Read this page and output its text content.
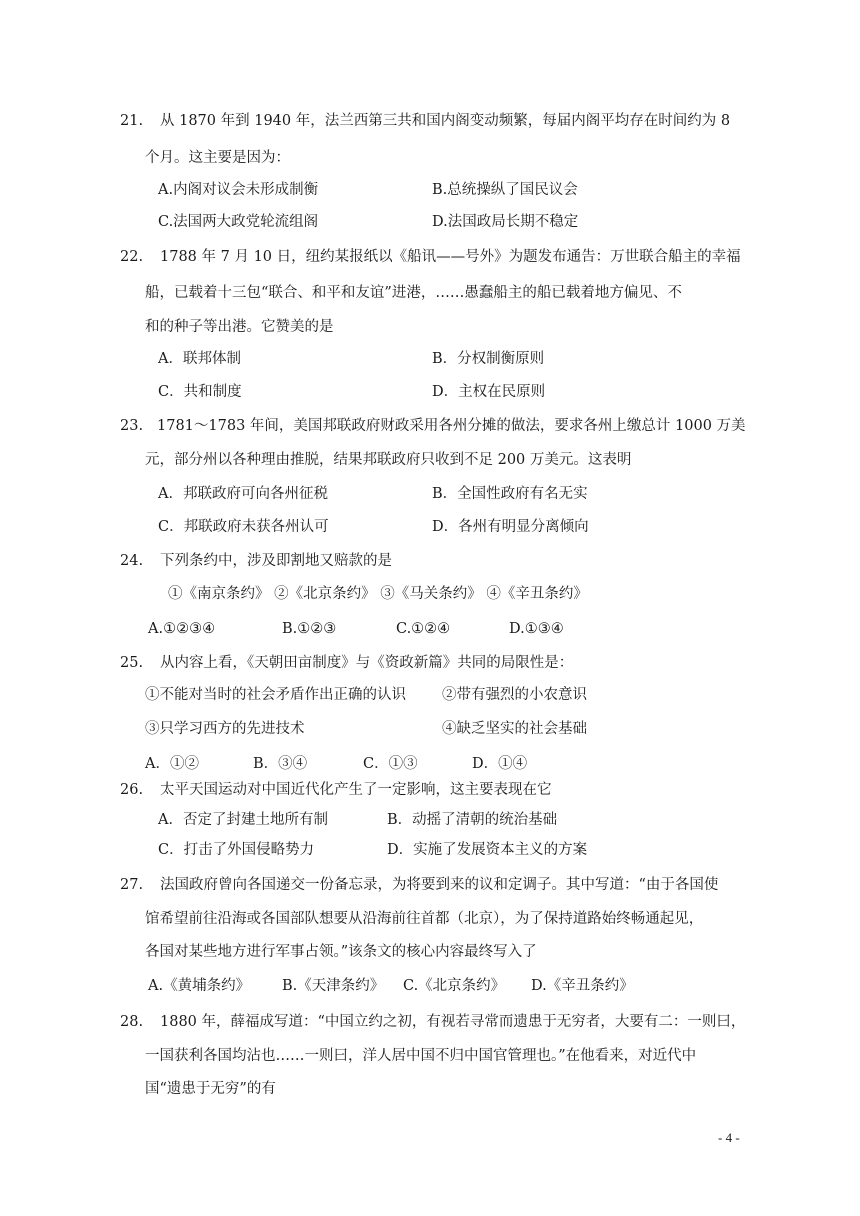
21. 从 1870 年到 1940 年，法兰西第三共和国内阁变动频繁，每届内阁平均存在时间约为 8
个月。这主要是因为：
A.内阁对议会未形成制衡	B.总统操纵了国民议会
C.法国两大政党轮流组阁	D.法国政局长期不稳定
22. 1788 年 7 月 10 日，纽约某报纸以《船讯——号外》为题发布通告：万世联合船主的幸福
船，已载着十三包“联合、和平和友谊”进港，……愚蠢船主的船已载着地方偏见、不
和的种子等出港。它赞美的是
A．联邦体制	B．分权制衡原则
C．共和制度	D．主权在民原则
23. 1781～1783 年间，美国邦联政府财政采用各州分摊的做法，要求各州上缴总计 1000 万美
元，部分州以各种理由推脱，结果邦联政府只收到不足 200 万美元。这表明
A．邦联政府可向各州征税	B．全国性政府有名无实
C．邦联政府未获各州认可	D．各州有明显分离倾向
24. 下列条约中，涉及即割地又赔款的是
①《南京条约》 ②《北京条约》 ③《马关条约》 ④《辛丑条约》
A.①②③④	B.①②③	C.①②④	D.①③④
25. 从内容上看，《天朝田亩制度》与《资政新篇》共同的局限性是：
①不能对当时的社会矛盾作出正确的认识 ②带有强烈的小农意识
③只学习西方的先进技术	④缺乏坚实的社会基础
A．①②	B．③④	C．①③	D．①④
26. 太平天国运动对中国近代化产生了一定影响，这主要表现在它
A．否定了封建土地所有制	B．动摇了清朝的统治基础
C．打击了外国侵略势力	D．实施了发展资本主义的方案
27. 法国政府曾向各国递交一份备忘录，为将要到来的议和定调子。其中写道：“由于各国使
馆希望前往沿海或各国部队想要从沿海前往首都（北京），为了保持道路始终畅通起见，
各国对某些地方进行军事占领。”该条文的核心内容最终写入了
A.《黄埔条约》 B.《天津条约》 C.《北京条约》 D.《辛丑条约》
28. 1880 年，薛福成写道：“中国立约之初，有视若寻常而遗患于无穷者，大要有二：一则曰，
一国获利各国均沾也……一则曰，洋人居中国不归中国官管理也。”在他看来，对近代中
国“遗患于无穷”的有
- 4 -
